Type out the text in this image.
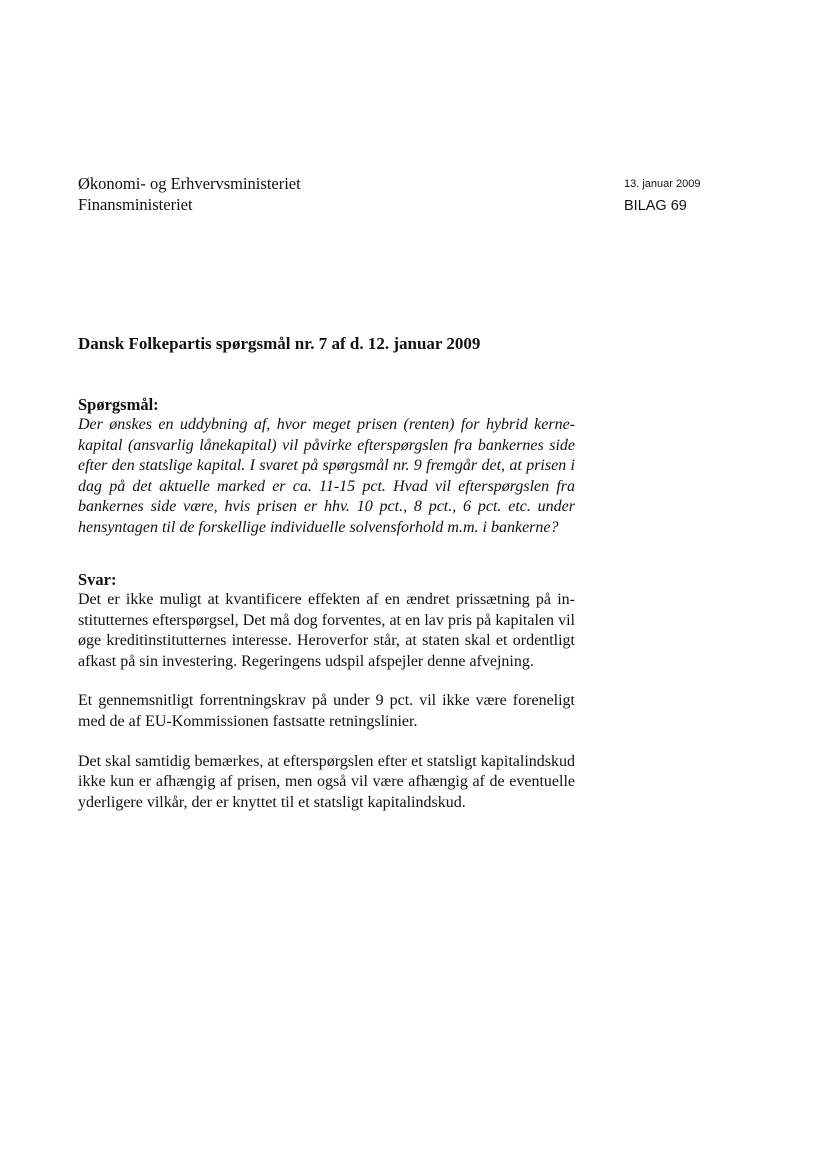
Økonomi- og Erhvervsministeriet
Finansministeriet
13. januar 2009
BILAG 69
Dansk Folkepartis spørgsmål nr. 7 af d. 12. januar 2009
Spørgsmål:

Der ønskes en uddybning af, hvor meget prisen (renten) for hybrid kernekapital (ansvarlig lånekapital) vil påvirke efterspørgslen fra bankernes side efter den statslige kapital. I svaret på spørgsmål nr. 9 fremgår det, at prisen i dag på det aktuelle marked er ca. 11-15 pct. Hvad vil efterspørgslen fra bankernes side være, hvis prisen er hhv. 10 pct., 8 pct., 6 pct. etc. under hensyntagen til de forskellige individuelle solvensforhold m.m. i bankerne?

Svar:

Det er ikke muligt at kvantificere effekten af en ændret prissætning på institutternes efterspørgsel, Det må dog forventes, at en lav pris på kapitalen vil øge kreditinstitutternes interesse. Heroverfor står, at staten skal et ordentligt afkast på sin investering. Regeringens udspil afspejler denne afvejning.

Et gennemsnitligt forrentningskrav på under 9 pct. vil ikke være foreneligt med de af EU-Kommissionen fastsatte retningslinier.

Det skal samtidig bemærkes, at efterspørgslen efter et statsligt kapitalindskud ikke kun er afhængig af prisen, men også vil være afhængig af de eventuelle yderligere vilkår, der er knyttet til et statsligt kapitalindskud.
